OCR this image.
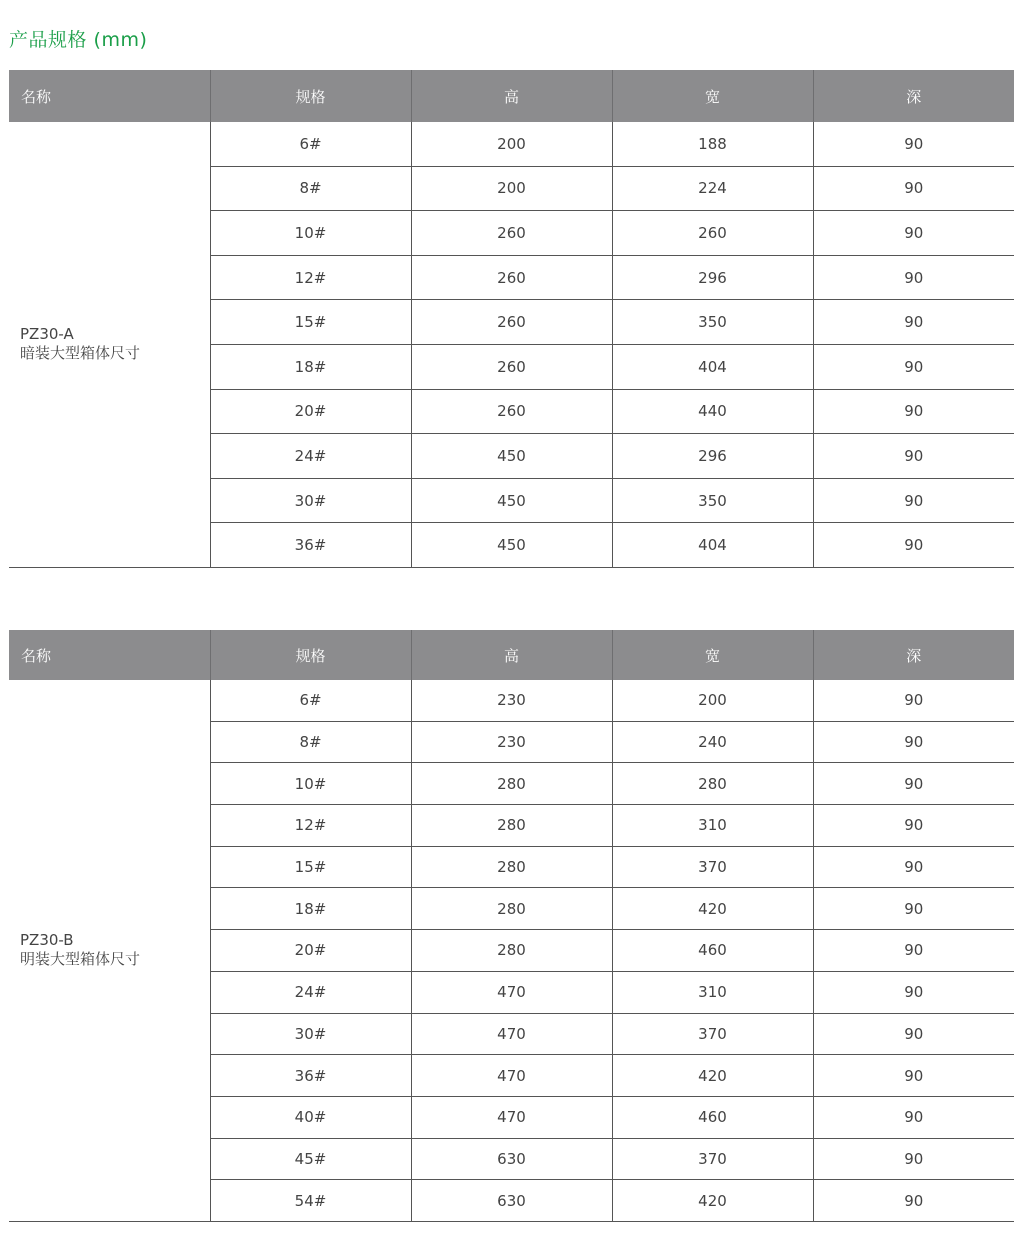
产品规格 (mm)
名称	规格	高	宽	深

PZ30-A
暗装大型箱体尺寸	6#	200	188	90
	8#	200	224	90
	10#	260	260	90
	12#	260	296	90
	15#	260	350	90
	18#	260	404	90
	20#	260	440	90
	24#	450	296	90
	30#	450	350	90
	36#	450	404	90
名称	规格	高	宽	深

PZ30-B
明装大型箱体尺寸	6#	230	200	90
	8#	230	240	90
	10#	280	280	90
	12#	280	310	90
	15#	280	370	90
	18#	280	420	90
	20#	280	460	90
	24#	470	310	90
	30#	470	370	90
	36#	470	420	90
	40#	470	460	90
	45#	630	370	90
	54#	630	420	90
